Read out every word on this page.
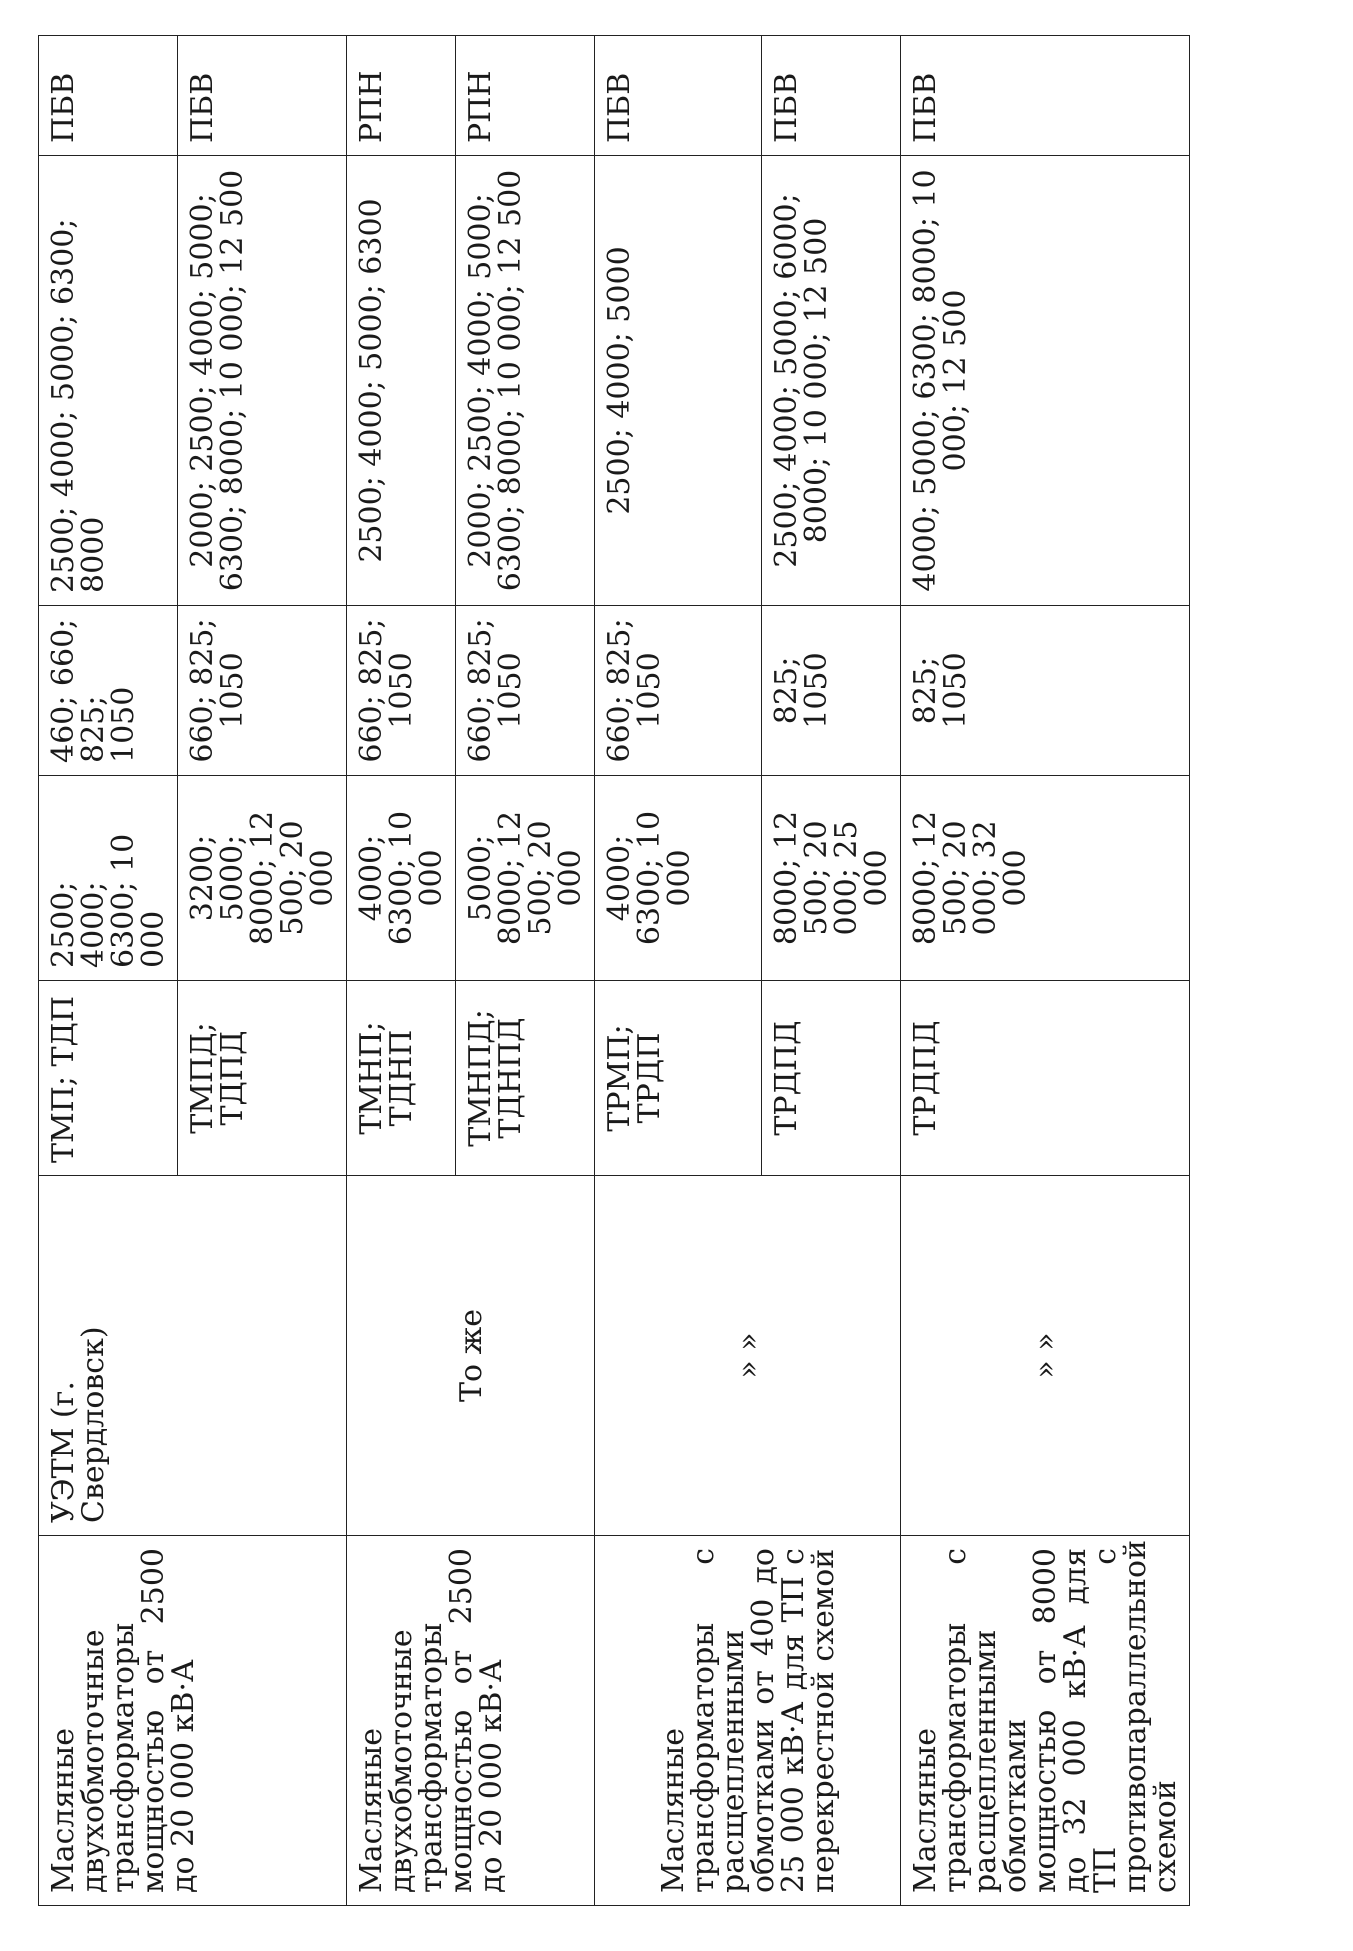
Масляные двухобмоточные трансформаторы мощностью от 2500 до 20 000 кВ·А	УЭТМ (г. Свердловск)	ТМП; ТДП	2500; 4000; 6300; 10 000	460; 660; 825; 1050	2500; 4000; 5000; 6300; 8000	ПБВ
		ТМПД; ТДПД	3200; 5000; 8000; 12 500; 20 000	660; 825; 1050	2000; 2500; 4000; 5000; 6300; 8000; 10 000; 12 500	ПБВ
Масляные двухобмоточные трансформаторы мощностью от 2500 до 20 000 кВ·А	То же	ТМНП; ТДНП	4000; 6300; 10 000	660; 825; 1050	2500; 4000; 5000; 6300	РПН
		ТМНПД; ТДНПД	5000; 8000; 12 500; 20 000	660; 825; 1050	2000; 2500; 4000; 5000; 6300; 8000; 10 000; 12 500	РПН
Масляные трансформаторы с расщепленными обмотками от 400 до 25 000 кВ·А для ТП с перекрестной схемой	» »	ТРМП; ТРДП	4000; 6300; 10 000	660; 825; 1050	2500; 4000; 5000	ПБВ
		ТРДПД	8000; 12 500; 20 000; 25 000	825; 1050	2500; 4000; 5000; 6000; 8000; 10 000; 12 500	ПБВ
Масляные трансформаторы с расщепленными обмотками мощностью от 8000 до 32 000 кВ·А для ТП с противопараллельной схемой	» »	ТРДПД	8000; 12 500; 20 000; 32 000	825; 1050	4000; 5000; 6300; 8000; 10 000; 12 500	ПБВ
